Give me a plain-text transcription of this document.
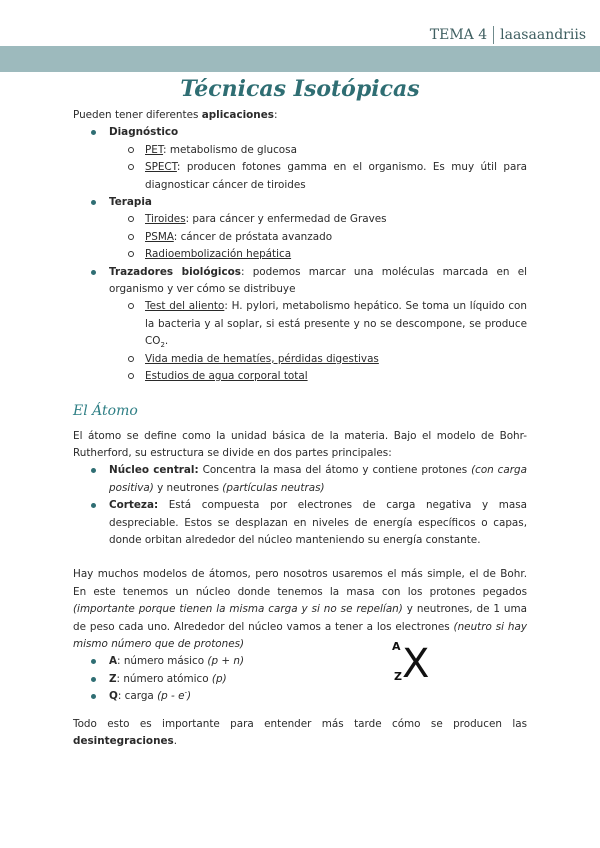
TEMA 4 laasaandriis
Técnicas Isotópicas

Pueden tener diferentes aplicaciones:

Diagnóstico
PET: metabolismo de glucosa
SPECT: producen fotones gamma en el organismo. Es muy útil para diagnosticar cáncer de tiroides
Terapia
Tiroides: para cáncer y enfermedad de Graves
PSMA: cáncer de próstata avanzado
Radioembolización hepática
Trazadores biológicos: podemos marcar una moléculas marcada en el organismo y ver cómo se distribuye
Test del aliento: H. pylori, metabolismo hepático. Se toma un líquido con la bacteria y al soplar, si está presente y no se descompone, se produce $CO_2$.
Vida media de hematíes, pérdidas digestivas
Estudios de agua corporal total
El Átomo

El átomo se define como la unidad básica de la materia. Bajo el modelo de Bohr-Rutherford, su estructura se divide en dos partes principales:

Núcleo central: Concentra la masa del átomo y contiene protones (con carga positiva) y neutrones (partículas neutras)
Corteza: Está compuesta por electrones de carga negativa y masa despreciable. Estos se desplazan en niveles de energía específicos o capas, donde orbitan alrededor del núcleo manteniendo su energía constante.

Hay muchos modelos de átomos, pero nosotros usaremos el más simple, el de Bohr. En este tenemos un núcleo donde tenemos la masa con los protones pegados (importante porque tienen la misma carga y si no se repelían) y neutrones, de 1 uma de peso cada uno. Alrededor del núcleo vamos a tener a los electrones (neutro si hay mismo número que de protones)

A: número másico (p + n)
Z: número atómico (p)
Q: carga (p - e-)

Todo esto es importante para entender más tarde cómo se producen las desintegraciones.

A
Z X
